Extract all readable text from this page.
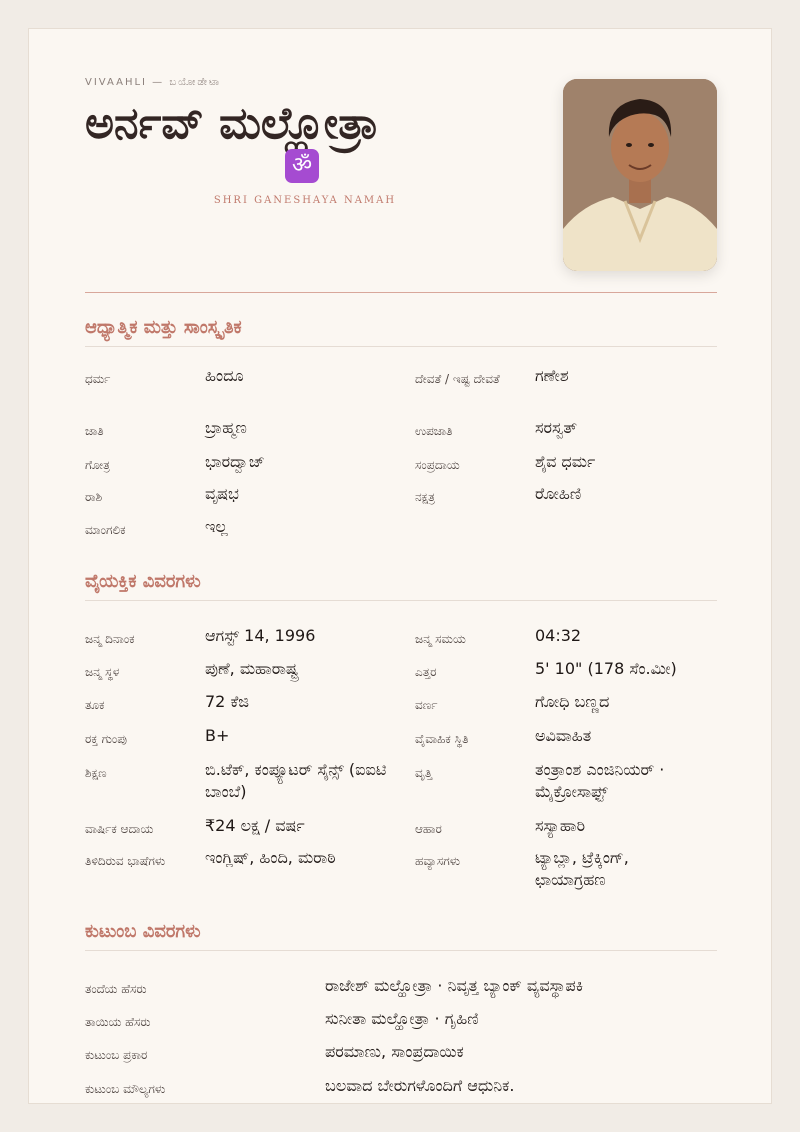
VIVAAHLI — ಬಯೋಡೇಟಾ
ಅರ್ನವ್ ಮಲ್ಹೋತ್ರಾ
ॐ
SHRI GANESHAYA NAMAH
ಆಧ್ಯಾತ್ಮಿಕ ಮತ್ತು ಸಾಂಸ್ಕೃತಿಕ
ಧರ್ಮ	ಹಿಂದೂ	ದೇವತೆ / ಇಷ್ಟ ದೇವತೆ	ಗಣೇಶ
ಜಾತಿ	ಬ್ರಾಹ್ಮಣ	ಉಪಜಾತಿ	ಸರಸ್ವತ್
ಗೋತ್ರ	ಭಾರದ್ವಾಜ್	ಸಂಪ್ರದಾಯ	ಶೈವ ಧರ್ಮ
ರಾಶಿ	ವೃಷಭ	ನಕ್ಷತ್ರ	ರೋಹಿಣಿ
ಮಾಂಗಲಿಕ	ಇಲ್ಲ
ವೈಯಕ್ತಿಕ ವಿವರಗಳು
ಜನ್ಮ ದಿನಾಂಕ	ಆಗಸ್ಟ್ 14, 1996	ಜನ್ಮ ಸಮಯ	04:32
ಜನ್ಮ ಸ್ಥಳ	ಪುಣೆ, ಮಹಾರಾಷ್ಟ್ರ	ಎತ್ತರ	5' 10" (178 ಸೆಂ.ಮೀ)
ತೂಕ	72 ಕೆಜಿ	ವರ್ಣ	ಗೋಧಿ ಬಣ್ಣದ
ರಕ್ತ ಗುಂಪು	B+	ವೈವಾಹಿಕ ಸ್ಥಿತಿ	ಅವಿವಾಹಿತ
ಶಿಕ್ಷಣ	ಬಿ.ಟೆಕ್, ಕಂಪ್ಯೂಟರ್ ಸೈನ್ಸ್ (ಐಐಟಿ ಬಾಂಬೆ)
ವೃತ್ತಿ	ತಂತ್ರಾಂಶ ಎಂಜಿನಿಯರ್ · ಮೈಕ್ರೋಸಾಫ್ಟ್
ವಾರ್ಷಿಕ ಆದಾಯ	₹24 ಲಕ್ಷ / ವರ್ಷ	ಆಹಾರ	ಸಸ್ಯಾಹಾರಿ
ತಿಳಿದಿರುವ ಭಾಷೆಗಳು	ಇಂಗ್ಲಿಷ್, ಹಿಂದಿ, ಮರಾಠಿ	ಹವ್ಯಾಸಗಳು	ಟ್ಯಾಬ್ಲಾ, ಟ್ರೆಕ್ಕಿಂಗ್, ಛಾಯಾಗ್ರಹಣ
ಕುಟುಂಬ ವಿವರಗಳು
ತಂದೆಯ ಹೆಸರು	ರಾಜೇಶ್ ಮಲ್ಹೋತ್ರಾ · ನಿವೃತ್ತ ಬ್ಯಾಂಕ್ ವ್ಯವಸ್ಥಾಪಕಿ
ತಾಯಿಯ ಹೆಸರು	ಸುನೀತಾ ಮಲ್ಹೋತ್ರಾ · ಗೃಹಿಣಿ
ಕುಟುಂಬ ಪ್ರಕಾರ	ಪರಮಾಣು, ಸಾಂಪ್ರದಾಯಿಕ
ಕುಟುಂಬ ಮೌಲ್ಯಗಳು	ಬಲವಾದ ಬೇರುಗಳೊಂದಿಗೆ ಆಧುನಿಕ.
